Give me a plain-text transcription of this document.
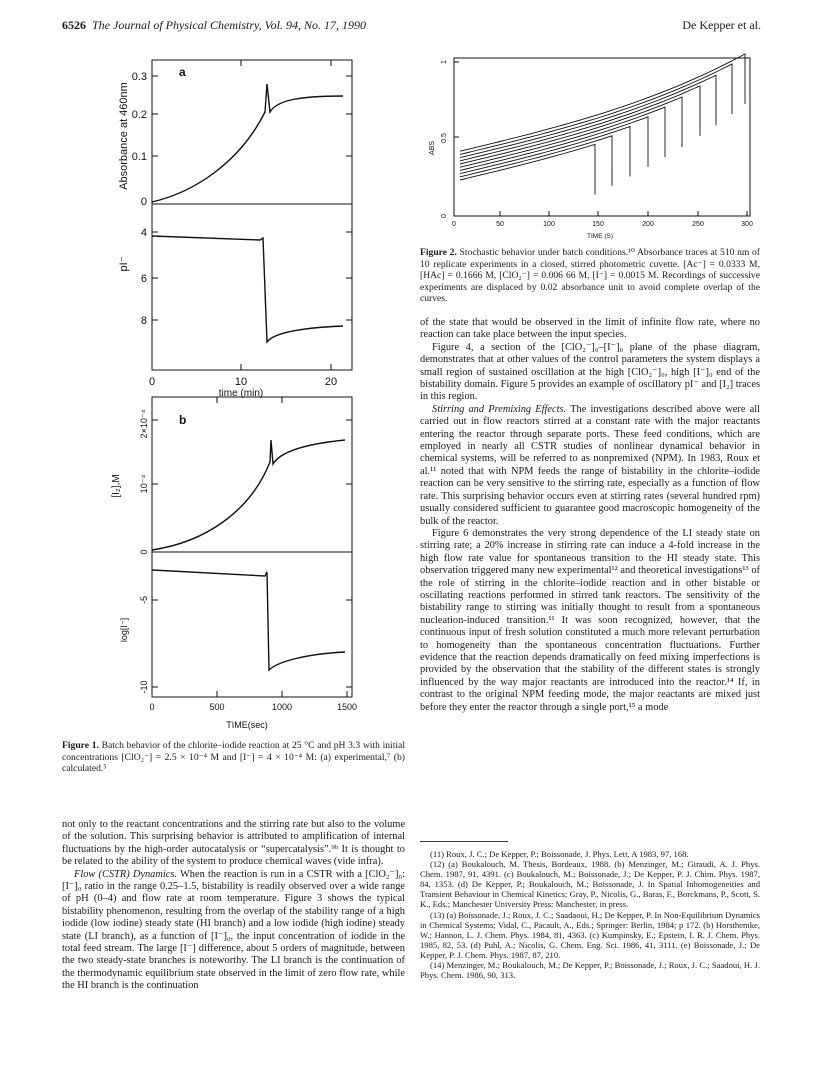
6526 The Journal of Physical Chemistry, Vol. 94, No. 17, 1990	De Kepper et al.
a
Absorbance at 460nm
0.3
0.2
0.1
0
pI⁻
4
6
8
0	10	20
time (min)
b
[I₂],M
2×10⁻⁴
10⁻⁴
0
log[I⁻]
-5
-10
0	500	1000	1500
TIME(sec)
Figure 1. Batch behavior of the chlorite–iodide reaction at 25 °C and pH 3.3 with initial concentrations [ClO₂⁻] = 2.5 × 10⁻⁴ M and [I⁻] = 4 × 10⁻⁴ M: (a) experimental,⁷ (b) calculated.⁵
ABS
0
0.5
1
0	50	100	150	200	250	300
TIME (S)
Figure 2. Stochastic behavior under batch conditions.¹⁰ Absorbance traces at 510 nm of 10 replicate experiments in a closed, stirred photometric cuvette. [Ac⁻] = 0.0333 M, [HAc] = 0.1666 M, [ClO₂⁻] = 0.006 66 M, [I⁻] = 0.0015 M. Recordings of successive experiments are displaced by 0.02 absorbance unit to avoid complete overlap of the curves.

not only to the reactant concentrations and the stirring rate but also to the volume of the solution. This surprising behavior is attributed to amplification of internal fluctuations by the high-order autocatalysis or “supercatalysis”.⁹ᵇ It is thought to be related to the ability of the system to produce chemical waves (vide infra).

Flow (CSTR) Dynamics. When the reaction is run in a CSTR with a [ClO₂⁻]₀:[I⁻]₀ ratio in the range 0.25–1.5, bistability is readily observed over a wide range of pH (0–4) and flow rate at room temperature. Figure 3 shows the typical bistability phenomenon, resulting from the overlap of the stability range of a high iodide (low iodine) steady state (HI branch) and a low iodide (high iodine) steady state (LI branch), as a function of [I⁻]₀, the input concentration of iodide in the total feed stream. The large [I⁻] difference, about 5 orders of magnitude, between the two steady-state branches is noteworthy. The LI branch is the continuation of the thermodynamic equilibrium state observed in the limit of zero flow rate, while the HI branch is the continuation

of the state that would be observed in the limit of infinite flow rate, where no reaction can take place between the input species.

Figure 4, a section of the [ClO₂⁻]₀–[I⁻]₀ plane of the phase diagram, demonstrates that at other values of the control parameters the system displays a small region of sustained oscillation at the high [ClO₂⁻]₀, high [I⁻]₀ end of the bistability domain. Figure 5 provides an example of oscillatory pI⁻ and [I₂] traces in this region.

Stirring and Premixing Effects. The investigations described above were all carried out in flow reactors stirred at a constant rate with the major reactants entering the reactor through separate ports. These feed conditions, which are employed in nearly all CSTR studies of nonlinear dynamical behavior in chemical systems, will be referred to as nonpremixed (NPM). In 1983, Roux et al.¹¹ noted that with NPM feeds the range of bistability in the chlorite–iodide reaction can be very sensitive to the stirring rate, especially as a function of flow rate. This surprising behavior occurs even at stirring rates (several hundred rpm) usually considered sufficient to guarantee good macroscopic homogeneity of the bulk of the reactor.

Figure 6 demonstrates the very strong dependence of the LI steady state on stirring rate; a 20% increase in stirring rate can induce a 4-fold increase in the high flow rate value for spontaneous transition to the HI steady state. This observation triggered many new experimental¹² and theoretical investigations¹³ of the role of stirring in the chlorite–iodide reaction and in other bistable or oscillating reactions performed in stirred tank reactors. The sensitivity of the bistability range to stirring was initially thought to result from a spontaneous nucleation-induced transition.¹¹ It was soon recognized, however, that the continuous input of fresh solution constituted a much more relevant perturbation to homogeneity than the spontaneous concentration fluctuations. Further evidence that the reaction depends dramatically on feed mixing imperfections is provided by the observation that the stability of the different states is strongly influenced by the way major reactants are introduced into the reactor.¹⁴ If, in contrast to the original NPM feeding mode, the major reactants are mixed just before they enter the reactor through a single port,¹⁵ a mode

(11) Roux, J. C.; De Kepper, P.; Boissonade, J. Phys. Lett. A 1983, 97, 168.

(12) (a) Boukalouch, M. Thesis, Bordeaux, 1988. (b) Menzinger, M.; Giraudi, A. J. Phys. Chem. 1987, 91, 4391. (c) Boukalouch, M.; Boissonade, J.; De Kepper, P. J. Chim. Phys. 1987, 84, 1353. (d) De Kepper, P.; Boukalouch, M.; Boissonade, J. In Spatial Inhomogeneities and Transient Behaviour in Chemical Kinetics; Gray, P., Nicolis, G., Baras, F., Borckmans, P., Scott, S. K., Eds.; Manchester University Press: Manchester, in press.

(13) (a) Boissonade, J.; Roux, J. C.; Saadaoui, H.; De Kepper, P. In Non-Equilibrium Dynamics in Chemical Systems; Vidal, C., Pacault, A., Eds.; Springer: Berlin, 1984; p 172. (b) Horsthemke, W.; Hannon, L. J. Chem. Phys. 1984, 81, 4363. (c) Kumpinsky, E.; Epstein, I. R. J. Chem. Phys. 1985, 82, 53. (d) Puhl, A.; Nicolis, G. Chem. Eng. Sci. 1986, 41, 3111. (e) Boissonade, J.; De Kepper, P. J. Chem. Phys. 1987, 87, 210.

(14) Menzinger, M.; Boukalouch, M.; De Kepper, P.; Boissonade, J.; Roux, J. C.; Saadoui, H. J. Phys. Chem. 1986, 90, 313.
